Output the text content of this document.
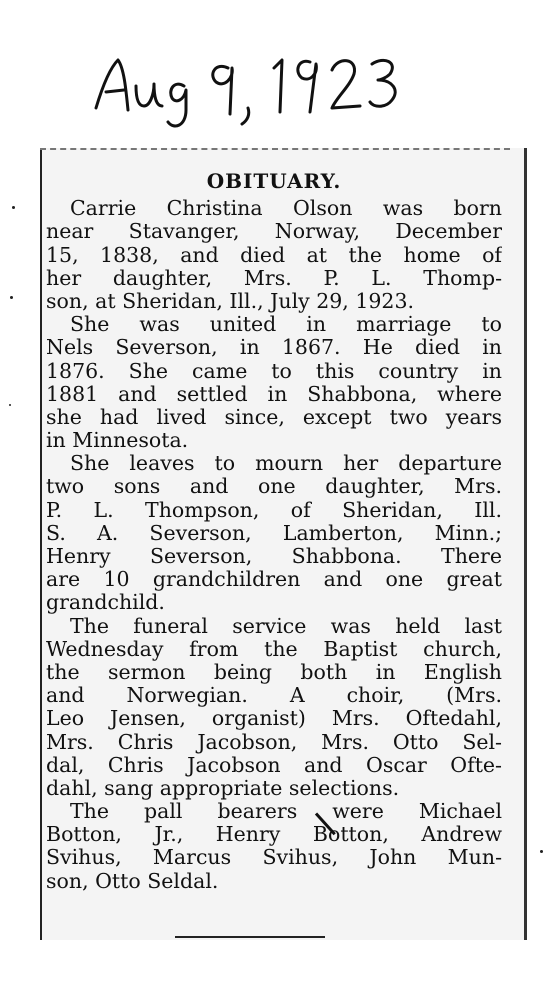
OBITUARY.
Carrie Christina Olson was born
near Stavanger, Norway, December
15, 1838, and died at the home of
her daughter, Mrs. P. L. Thomp-
son, at Sheridan, Ill., July 29, 1923.
She was united in marriage to
Nels Severson, in 1867. He died in
1876. She came to this country in
1881 and settled in Shabbona, where
she had lived since, except two years
in Minnesota.
She leaves to mourn her departure
two sons and one daughter, Mrs.
P. L. Thompson, of Sheridan, Ill.
S. A. Severson, Lamberton, Minn.;
Henry Severson, Shabbona. There
are 10 grandchildren and one great
grandchild.
The funeral service was held last
Wednesday from the Baptist church,
the sermon being both in English
and Norwegian. A choir, (Mrs.
Leo Jensen, organist) Mrs. Oftedahl,
Mrs. Chris Jacobson, Mrs. Otto Sel-
dal, Chris Jacobson and Oscar Ofte-
dahl, sang appropriate selections.
The pall bearers were Michael
Botton, Jr., Henry Botton, Andrew
Svihus, Marcus Svihus, John Mun-
son, Otto Seldal.
